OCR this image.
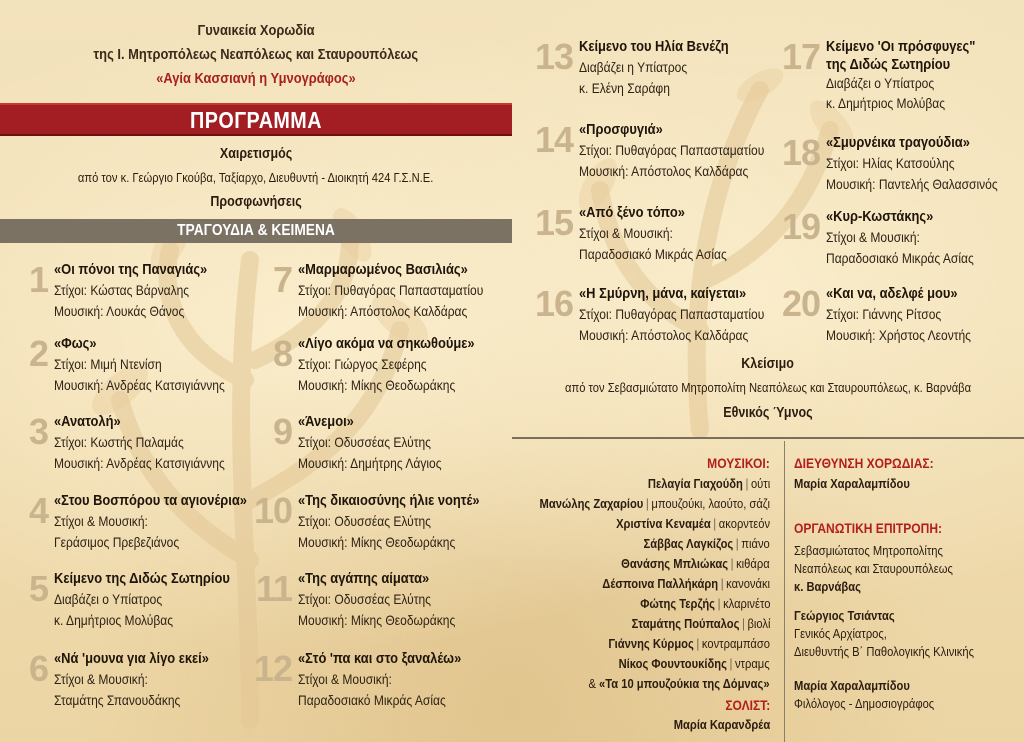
Γυναικεία Χορωδία
της Ι. Μητροπόλεως Νεαπόλεως και Σταυρουπόλεως
«Αγία Κασσιανή η Υμνογράφος»
ΠΡΟΓΡΑΜΜΑ
Χαιρετισμός
από τον κ. Γεώργιο Γκούβα, Ταξίαρχο, Διευθυντή - Διοικητή 424 Γ.Σ.Ν.Ε.
Προσφωνήσεις
ΤΡΑΓΟΥΔΙΑ & ΚΕΙΜΕΝΑ
1 «Οι πόνοι της Παναγιάς»
Στίχοι: Κώστας Βάρναλης
Μουσική: Λουκάς Θάνος
2 «Φως»
Στίχοι: Μιμή Ντενίση
Μουσική: Ανδρέας Κατσιγιάννης
3 «Ανατολή»
Στίχοι: Κωστής Παλαμάς
Μουσική: Ανδρέας Κατσιγιάννης
4 «Στου Βοσπόρου τα αγιονέρια»
Στίχοι & Μουσική:
Γεράσιμος Πρεβεζιάνος
5 Κείμενο της Διδώς Σωτηρίου
Διαβάζει ο Υπίατρος
κ. Δημήτριος Μολύβας
6 «Νά 'μουνα για λίγο εκεί»
Στίχοι & Μουσική:
Σταμάτης Σπανουδάκης
7 «Μαρμαρωμένος Βασιλιάς»
Στίχοι: Πυθαγόρας Παπασταματίου
Μουσική: Απόστολος Καλδάρας
8 «Λίγο ακόμα να σηκωθούμε»
Στίχοι: Γιώργος Σεφέρης
Μουσική: Μίκης Θεοδωράκης
9 «Άνεμοι»
Στίχοι: Οδυσσέας Ελύτης
Μουσική: Δημήτρης Λάγιος
10 «Της δικαιοσύνης ήλιε νοητέ»
Στίχοι: Οδυσσέας Ελύτης
Μουσική: Μίκης Θεοδωράκης
11 «Της αγάπης αίματα»
Στίχοι: Οδυσσέας Ελύτης
Μουσική: Μίκης Θεοδωράκης
12 «Στό 'πα και στο ξαναλέω»
Στίχοι & Μουσική:
Παραδοσιακό Μικράς Ασίας
13 Κείμενο του Ηλία Βενέζη
Διαβάζει η Υπίατρος
κ. Ελένη Σαράφη
14 «Προσφυγιά»
Στίχοι: Πυθαγόρας Παπασταματίου
Μουσική: Απόστολος Καλδάρας
15 «Από ξένο τόπο»
Στίχοι & Μουσική:
Παραδοσιακό Μικράς Ασίας
16 «Η Σμύρνη, μάνα, καίγεται»
Στίχοι: Πυθαγόρας Παπασταματίου
Μουσική: Απόστολος Καλδάρας
17 Κείμενο 'Οι πρόσφυγες"
της Διδώς Σωτηρίου
Διαβάζει ο Υπίατρος
κ. Δημήτριος Μολύβας
18 «Σμυρνέικα τραγούδια»
Στίχοι: Ηλίας Κατσούλης
Μουσική: Παντελής Θαλασσινός
19 «Κυρ-Κωστάκης»
Στίχοι & Μουσική:
Παραδοσιακό Μικράς Ασίας
20 «Και να, αδελφέ μου»
Στίχοι: Γιάννης Ρίτσος
Μουσική: Χρήστος Λεοντής
Κλείσιμο
από τον Σεβασμιώτατο Μητροπολίτη Νεαπόλεως και Σταυρουπόλεως, κ. Βαρνάβα
Εθνικός Ύμνος
ΜΟΥΣΙΚΟΙ:
Πελαγία Γιαχούδη | ούτι
Μανώλης Ζαχαρίου | μπουζούκι, λαούτο, σάζι
Χριστίνα Κεναμέα | ακορντεόν
Σάββας Λαγκίζος | πιάνο
Θανάσης Μπλιώκας | κιθάρα
Δέσποινα Παλλήκάρη | κανονάκι
Φώτης Τερζής | κλαρινέτο
Σταμάτης Πούπαλος | βιολί
Γιάννης Κύρμος | κοντραμπάσο
Νίκος Φουντουκίδης | ντραμς
& «Τα 10 μπουζούκια της Δόμνας»
ΣΟΛΙΣΤ:
Μαρία Καρανδρέα
ΔΙΕΥΘΥΝΣΗ ΧΟΡΩΔΙΑΣ:
Μαρία Χαραλαμπίδου
ΟΡΓΑΝΩΤΙΚΗ ΕΠΙΤΡΟΠΗ:
Σεβασμιώτατος Μητροπολίτης
Νεαπόλεως και Σταυρουπόλεως
κ. Βαρνάβας
Γεώργιος Τσιάντας
Γενικός Αρχίατρος,
Διευθυντής Β΄ Παθολογικής Κλινικής
Μαρία Χαραλαμπίδου
Φιλόλογος - Δημοσιογράφος
